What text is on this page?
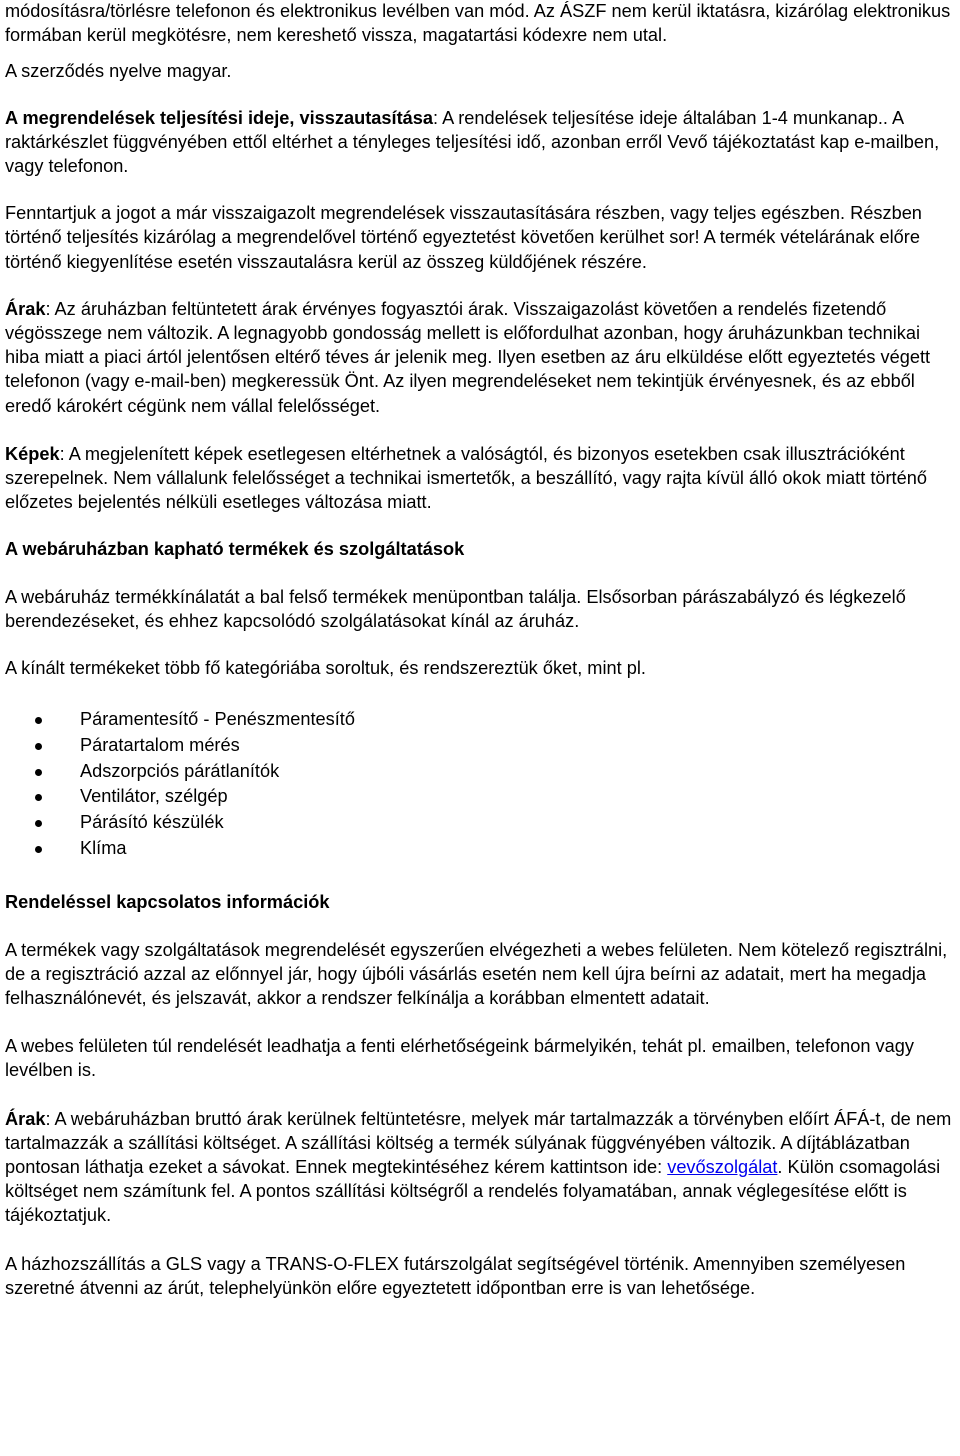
módosításra/törlésre telefonon és elektronikus levélben van mód. Az ÁSZF nem kerül iktatásra, kizárólag elektronikus formában kerül megkötésre, nem kereshető vissza, magatartási kódexre nem utal.

A szerződés nyelve magyar.

A megrendelések teljesítési ideje, visszautasítása: A rendelések teljesítése ideje általában 1-4 munkanap.. A raktárkészlet függvényében ettől eltérhet a tényleges teljesítési idő, azonban erről Vevő tájékoztatást kap e-mailben, vagy telefonon.

Fenntartjuk a jogot a már visszaigazolt megrendelések visszautasítására részben, vagy teljes egészben. Részben történő teljesítés kizárólag a megrendelővel történő egyeztetést követően kerülhet sor! A termék vételárának előre történő kiegyenlítése esetén visszautalásra kerül az összeg küldőjének részére.

Árak: Az áruházban feltüntetett árak érvényes fogyasztói árak. Visszaigazolást követően a rendelés fizetendő végösszege nem változik. A legnagyobb gondosság mellett is előfordulhat azonban, hogy áruházunkban technikai hiba miatt a piaci ártól jelentősen eltérő téves ár jelenik meg. Ilyen esetben az áru elküldése előtt egyeztetés végett telefonon (vagy e-mail-ben) megkeressük Önt. Az ilyen megrendeléseket nem tekintjük érvényesnek, és az ebből eredő károkért cégünk nem vállal felelősséget.

Képek: A megjelenített képek esetlegesen eltérhetnek a valóságtól, és bizonyos esetekben csak illusztrációként szerepelnek. Nem vállalunk felelősséget a technikai ismertetők, a beszállító, vagy rajta kívül álló okok miatt történő előzetes bejelentés nélküli esetleges változása miatt.

A webáruházban kapható termékek és szolgáltatások

A webáruház termékkínálatát a bal felső termékek menüpontban találja. Elsősorban párászabályzó és légkezelő berendezéseket, és ehhez kapcsolódó szolgálatásokat kínál az áruház.

A kínált termékeket több fő kategóriába soroltuk, és rendszereztük őket, mint pl.

Páramentesítő - Penészmentesítő
Páratartalom mérés
Adszorpciós párátlanítók
Ventilátor, szélgép
Párásító készülék
Klíma

Rendeléssel kapcsolatos információk

A termékek vagy szolgáltatások megrendelését egyszerűen elvégezheti a webes felületen. Nem kötelező regisztrálni, de a regisztráció azzal az előnnyel jár, hogy újbóli vásárlás esetén nem kell újra beírni az adatait, mert ha megadja felhasználónevét, és jelszavát, akkor a rendszer felkínálja a korábban elmentett adatait.

A webes felületen túl rendelését leadhatja a fenti elérhetőségeink bármelyikén, tehát pl. emailben, telefonon vagy levélben is.

Árak: A webáruházban bruttó árak kerülnek feltüntetésre, melyek már tartalmazzák a törvényben előírt ÁFÁ-t, de nem tartalmazzák a szállítási költséget. A szállítási költség a termék súlyának függvényében változik. A díjtáblázatban pontosan láthatja ezeket a sávokat. Ennek megtekintéséhez kérem kattintson ide: vevőszolgálat. Külön csomagolási költséget nem számítunk fel. A pontos szállítási költségről a rendelés folyamatában, annak véglegesítése előtt is tájékoztatjuk.

A házhozszállítás a GLS vagy a TRANS-O-FLEX futárszolgálat segítségével történik. Amennyiben személyesen szeretné átvenni az árút, telephelyünkön előre egyeztetett időpontban erre is van lehetősége.
